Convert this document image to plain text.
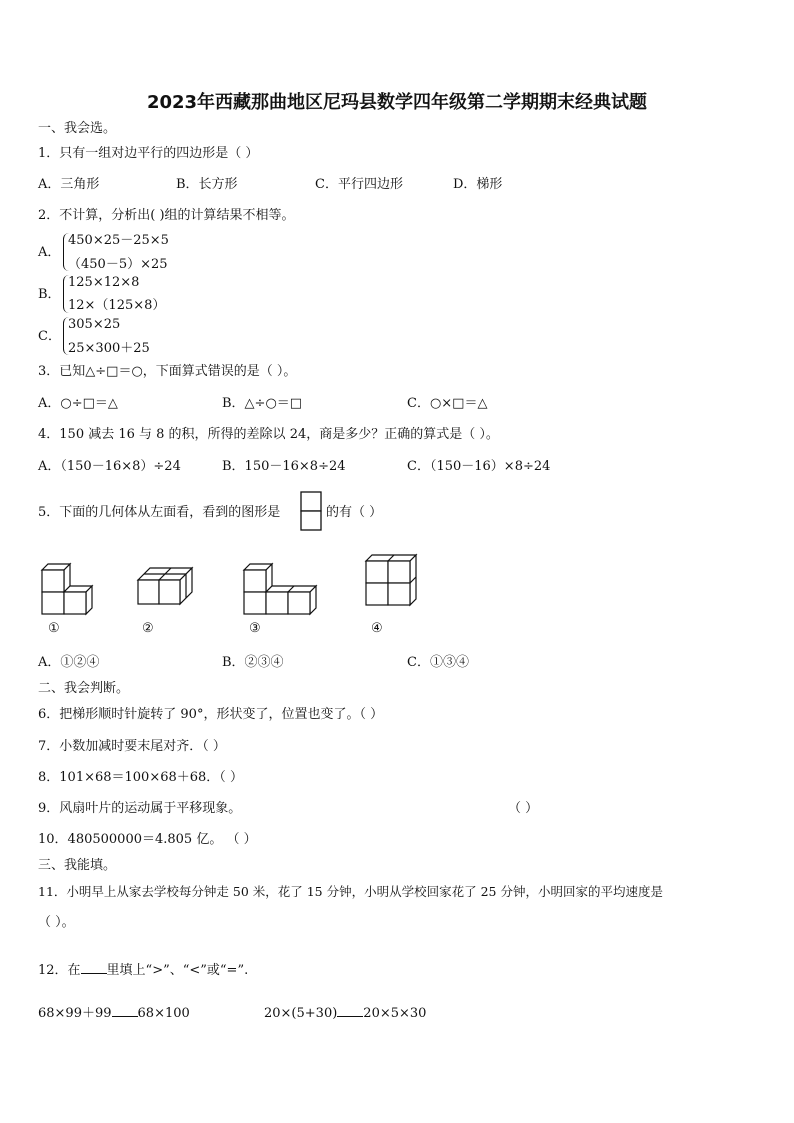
2023年西藏那曲地区尼玛县数学四年级第二学期期末经典试题
一、我会选。
1．只有一组对边平行的四边形是（ ）
A．三角形	B．长方形	C．平行四边形	D．梯形
2．不计算，分析出( )组的计算结果不相等。
A．
450×25－25×5
（450－5）×25
B．
125×12×8
12×（125×8）
C．
305×25
25×300＋25
3．已知△÷□＝○，下面算式错误的是（ ）。
A．○÷□＝△	B．△÷○＝□	C．○×□＝△
4．150 减去 16 与 8 的积，所得的差除以 24，商是多少？正确的算式是（ ）。
A．（150－16×8）÷24	B．150－16×8÷24	C．（150－16）×8÷24
5．下面的几何体从左面看，看到的图形是	的有（ ）
①	②	③	④
A．①②④	B．②③④	C．①③④
二、我会判断。
6．把梯形顺时针旋转了 90°，形状变了，位置也变了。（ ）
7．小数加减时要末尾对齐．（ ）
8．101×68＝100×68＋68．（ ）
9．风扇叶片的运动属于平移现象。	（ ）
10．480500000＝4.805 亿。 （ ）
三、我能填。
11．小明早上从家去学校每分钟走 50 米，花了 15 分钟，小明从学校回家花了 25 分钟，小明回家的平均速度是
（ ）。
12．在 里填上“>”、“<”或“=”.
68×99＋99 68×100	20×(5+30) 20×5×30
